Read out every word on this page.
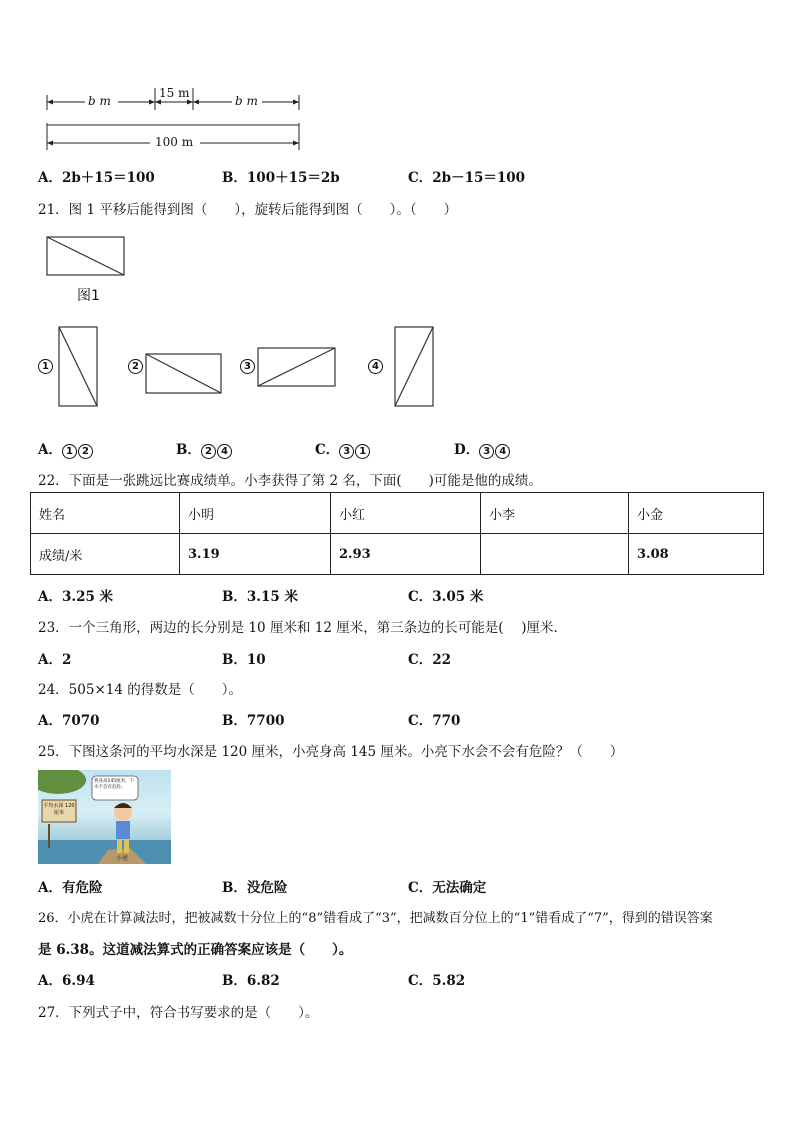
b m
15 m
b m
100 m
A．2b＋15＝100	B．100＋15＝2b	C．2b－15＝100
21．图 1 平移后能得到图（　　），旋转后能得到图（　　）。（　　）
图1
1	2	3	4
A． 1 2	B． 2 4	C． 3 1	D． 3 4
22．下面是一张跳远比赛成绩单。小李获得了第 2 名，下面(　　)可能是他的成绩。
姓名	小明	小红	小李	小金
成绩/米	3.19	2.93		3.08
A．3.25 米	B．3.15 米	C．3.05 米
23．一个三角形，两边的长分别是 10 厘米和 12 厘米，第三条边的长可能是(　 )厘米.
A．2	B．10	C．22
24．505×14 的得数是（　　）。
A．7070	B．7700	C．770
25．下图这条河的平均水深是 120 厘米，小亮身高 145 厘米。小亮下水会不会有危险？（　　）
平均水深 120厘米
我身高145厘米，下水不会有危险。
小亮
A．有危险	B．没危险	C．无法确定
26．小虎在计算减法时，把被减数十分位上的“8”错看成了“3”，把减数百分位上的“1”错看成了“7”，得到的错误答案
是 6.38。这道减法算式的正确答案应该是（　　）。
A．6.94	B．6.82	C．5.82
27．下列式子中，符合书写要求的是（　　）。
